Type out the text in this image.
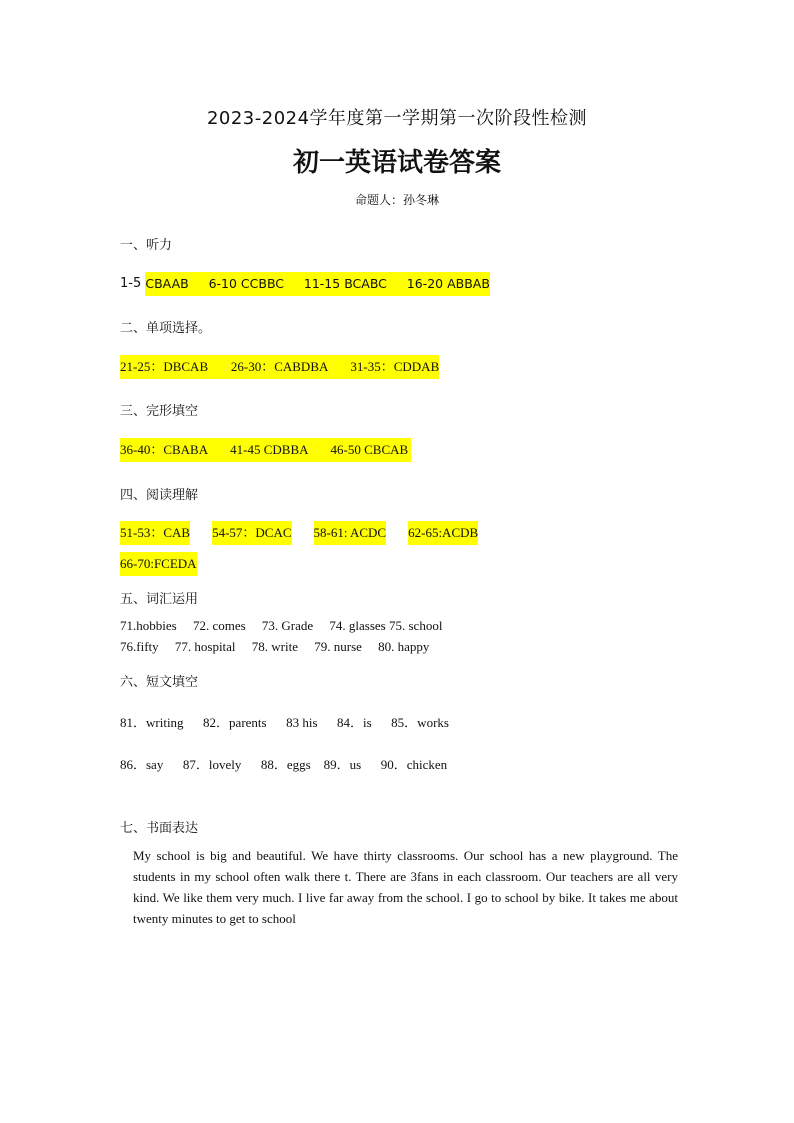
2023-2024学年度第一学期第一次阶段性检测
初一英语试卷答案
命题人：孙冬琳
一、听力
1-5 CBAAB     6-10 CCBBC     11-15 BCABC     16-20 ABBAB
二、单项选择。
21-25：DBCAB       26-30：CABDBA       31-35：CDDAB
三、完形填空
36-40：CBABA       41-45 CDBBA       46-50 CBCAB
四、阅读理解
51-53：CAB 54-57：DCAC 58-61: ACDC 62-65:ACDB
66-70:FCEDA
五、词汇运用
71.hobbies     72. comes     73. Grade     74. glasses 75. school
76.fifty     77. hospital     78. write     79. nurse     80. happy
六、短文填空
81．writing      82．parents      83 his      84．is      85．works
86．say      87．lovely      88．eggs    89．us      90．chicken
七、书面表达
My school is big and beautiful. We have thirty classrooms. Our school has a new playground. The students in my school often walk there t. There are 3fans in each classroom. Our teachers are all very kind. We like them very much. I live far away from the school. I go to school by bike. It takes me about twenty minutes to get to school
